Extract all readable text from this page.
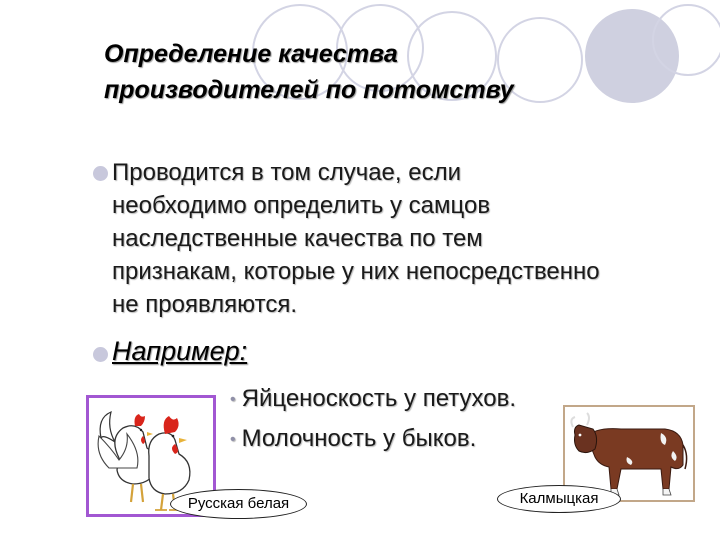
Определение качества
производителей по потомству
Проводится в том случае, если
необходимо определить у самцов
наследственные качества по тем
признакам, которые у них непосредственно
не проявляются.
Например:
• Яйценоскость у петухов.
• Молочность у быков.
Русская белая	Калмыцкая
